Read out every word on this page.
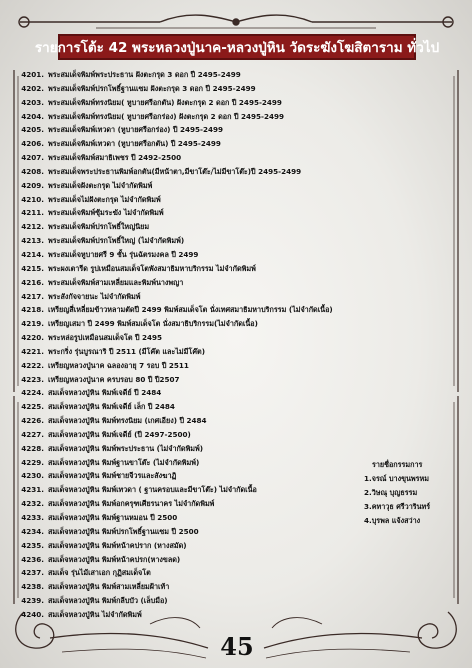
รายการโต้ะ 42 พระหลวงปู่นาค-หลวงปู่หิน วัดระฆังโฆสิตาราม ทั่วไป
4201. พระสมเด็จพิมพ์พระประธาน ฝังตะกรุด 3 ดอก ปี 2495-2499
4202. พระสมเด็จพิมพ์ปรกโพธิ์ฐานแซม ฝังตะกรุด 3 ดอก ปี 2495-2499
4203. พระสมเด็จพิมพ์ทรงนิยม( หูบายศรีอกตัน) ฝังตะกรุด 2 ดอก ปี 2495-2499
4204. พระสมเด็จพิมพ์ทรงนิยม( หูบายศรีอกร่อง) ฝังตะกรุด 2 ดอก ปี 2495-2499
4205. พระสมเด็จพิมพ์เทวดา (หูบายศรีอกร่อง) ปี 2495-2499
4206. พระสมเด็จพิมพ์เทวดา (หูบายศรีอกตัน) ปี 2495-2499
4207. พระสมเด็จพิมพ์สมาธิเพชร ปี 2492-2500
4208. พระสมเด็จพระประธานพิมพ์อกตัน(มีหน้าตา,มีขาโต๊ะ/ไม่มีขาโต๊ะ)ปี 2495-2499
4209. พระสมเด็จฝังตะกรุด ไม่จำกัดพิมพ์
4210. พระสมเด็จไม่ฝังตะกรุด ไม่จำกัดพิมพ์
4211. พระสมเด็จพิมพ์ซุ้มระฆัง ไม่จำกัดพิมพ์
4212. พระสมเด็จพิมพ์ปรกโพธิ์ใหญ่นิยม
4213. พระสมเด็จพิมพ์ปรกโพธิ์ใหญ่ (ไม่จำกัดพิมพ์)
4214. พระสมเด็จหูบายศรี 9 ชั้น รุ่นฉัตรมงคล ปี 2499
4215. พระผงเตารีด รูปเหมือนสมเด็จโตพังสมาธิมหาบริกรรม ไม่จำกัดพิมพ์
4216. พระสมเด็จพิมพ์สามเหลี่ยมและพิมพ์นางพญา
4217. พระสังกัจจายนะ ไม่จำกัดพิมพ์
4218. เหรียญสี่เหลี่ยมข้าวหลามตัดปี 2499 พิมพ์สมเด็จโต นั่งเทศสมาธิมหาบริกรรม (ไม่จำกัดเนื้อ)
4219. เหรียญเสมา ปี 2499 พิมพ์สมเด็จโต นั่งสมาธิบริกรรม(ไม่จำกัดเนื้อ)
4220. พระหล่อรูปเหมือนสมเด็จโต ปี 2495
4221. พระกริ่ง รุ่นบูรณาริ ปี 2511 (มีโค๊ต และไม่มีโค๊ต)
4222. เหรียญหลวงปู่นาค ฉลองอายุ 7 รอบ ปี 2511
4223. เหรียญหลวงปู่นาค ครบรอบ 80 ปี ปี2507
4224. สมเด็จหลวงปู่หิน พิมพ์เจดีย์ ปี 2484
4225. สมเด็จหลวงปู่หิน พิมพ์เจดีย์ เล็ก ปี 2484
4226. สมเด็จหลวงปู่หิน พิมพ์ทรงนิยม (เกศเอียง) ปี 2484
4227. สมเด็จหลวงปู่หิน พิมพ์เจดีย์ (ปี 2497-2500)
4228. สมเด็จหลวงปู่หิน พิมพ์พระประธาน (ไม่จำกัดพิมพ์)
4229. สมเด็จหลวงปู่หิน พิมพ์ฐานขาโต๊ะ (ไม่จำกัดพิมพ์)
4230. สมเด็จหลวงปู่หิน พิมพ์ชายจีวรและสังฆาฏิ
4231. สมเด็จหลวงปู่หิน พิมพ์เทวดา ( ฐานครอบและมีขาโต๊ะ) ไม่จำกัดเนื้อ
4232. สมเด็จหลวงปู่หิน พิมพ์อกครุฑเศียรนาคร ไม่จำกัดพิมพ์
4233. สมเด็จหลวงปู่หิน พิมพ์ฐานหมอน ปี 2500
4234. สมเด็จหลวงปู่หิน พิมพ์ปรกโพธิ์ฐานแซม ปี 2500
4235. สมเด็จหลวงปู่หิน พิมพ์หน้าคปราก (หางสมัด)
4236. สมเด็จหลวงปู่หิน พิมพ์หน้าคปรก(หางขลด)
4237. สมเด็จ รุ่นไม้เสาเอก กุฏิสมเด็จโต
4238. สมเด็จหลวงปู่หิน พิมพ์สามเหลี่ยมฝ้าเท้า
4239. สมเด็จหลวงปู่หิน พิมพ์กลีบบัว (เล็บมือ)
4240. สมเด็จหลวงปู่หิน ไม่จำกัดพิมพ์
รายชื่อกรรมการ
1.จรณ์ บางขุนพรหม
2.วิษณุ บุญธรรม
3.คทาวุธ ศรีวารินทร์
4.บุรพล แจ้งสว่าง
45
